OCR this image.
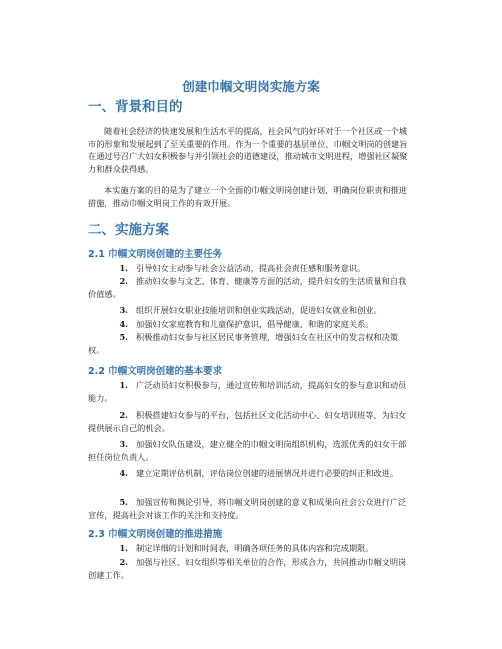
创建巾帼文明岗实施方案
一、背景和目的

随着社会经济的快速发展和生活水平的提高，社会风气的好坏对于一个社区或一个城市的形象和发展起到了至关重要的作用。作为一个重要的基层单位，巾帼文明岗的创建旨在通过号召广大妇女积极参与并引领社会的道德建设，推动城市文明进程，增强社区凝聚力和群众获得感。

本实施方案的目的是为了建立一个全面的巾帼文明岗创建计划，明确岗位职责和推进措施，推动巾帼文明岗工作的有效开展。

二、实施方案
2.1 巾帼文明岗创建的主要任务

1. 引导妇女主动参与社会公益活动，提高社会责任感和服务意识。

2. 推动妇女参与文艺、体育、健康等方面的活动，提升妇女的生活质量和自我价值感。

3. 组织开展妇女职业技能培训和创业实践活动，促进妇女就业和创业。

4. 加强妇女家庭教育和儿童保护意识，倡导健康、和谐的家庭关系。

5. 积极推动妇女参与社区居民事务管理，增强妇女在社区中的发言权和决策权。

2.2 巾帼文明岗创建的基本要求

1. 广泛动员妇女积极参与，通过宣传和培训活动，提高妇女的参与意识和动员能力。

2. 积极搭建妇女参与的平台，包括社区文化活动中心、妇女培训班等，为妇女提供展示自己的机会。

3. 加强妇女队伍建设，建立健全的巾帼文明岗组织机构，选派优秀的妇女干部担任岗位负责人。

4. 建立定期评估机制，评估岗位创建的进展情况并进行必要的纠正和改进。

5. 加强宣传和舆论引导，将巾帼文明岗创建的意义和成果向社会公众进行广泛宣传，提高社会对该工作的关注和支持度。

2.3 巾帼文明岗创建的推进措施

1. 制定详细的计划和时间表，明确各项任务的具体内容和完成期限。

2. 加强与社区、妇女组织等相关单位的合作，形成合力，共同推动巾帼文明岗创建工作。
